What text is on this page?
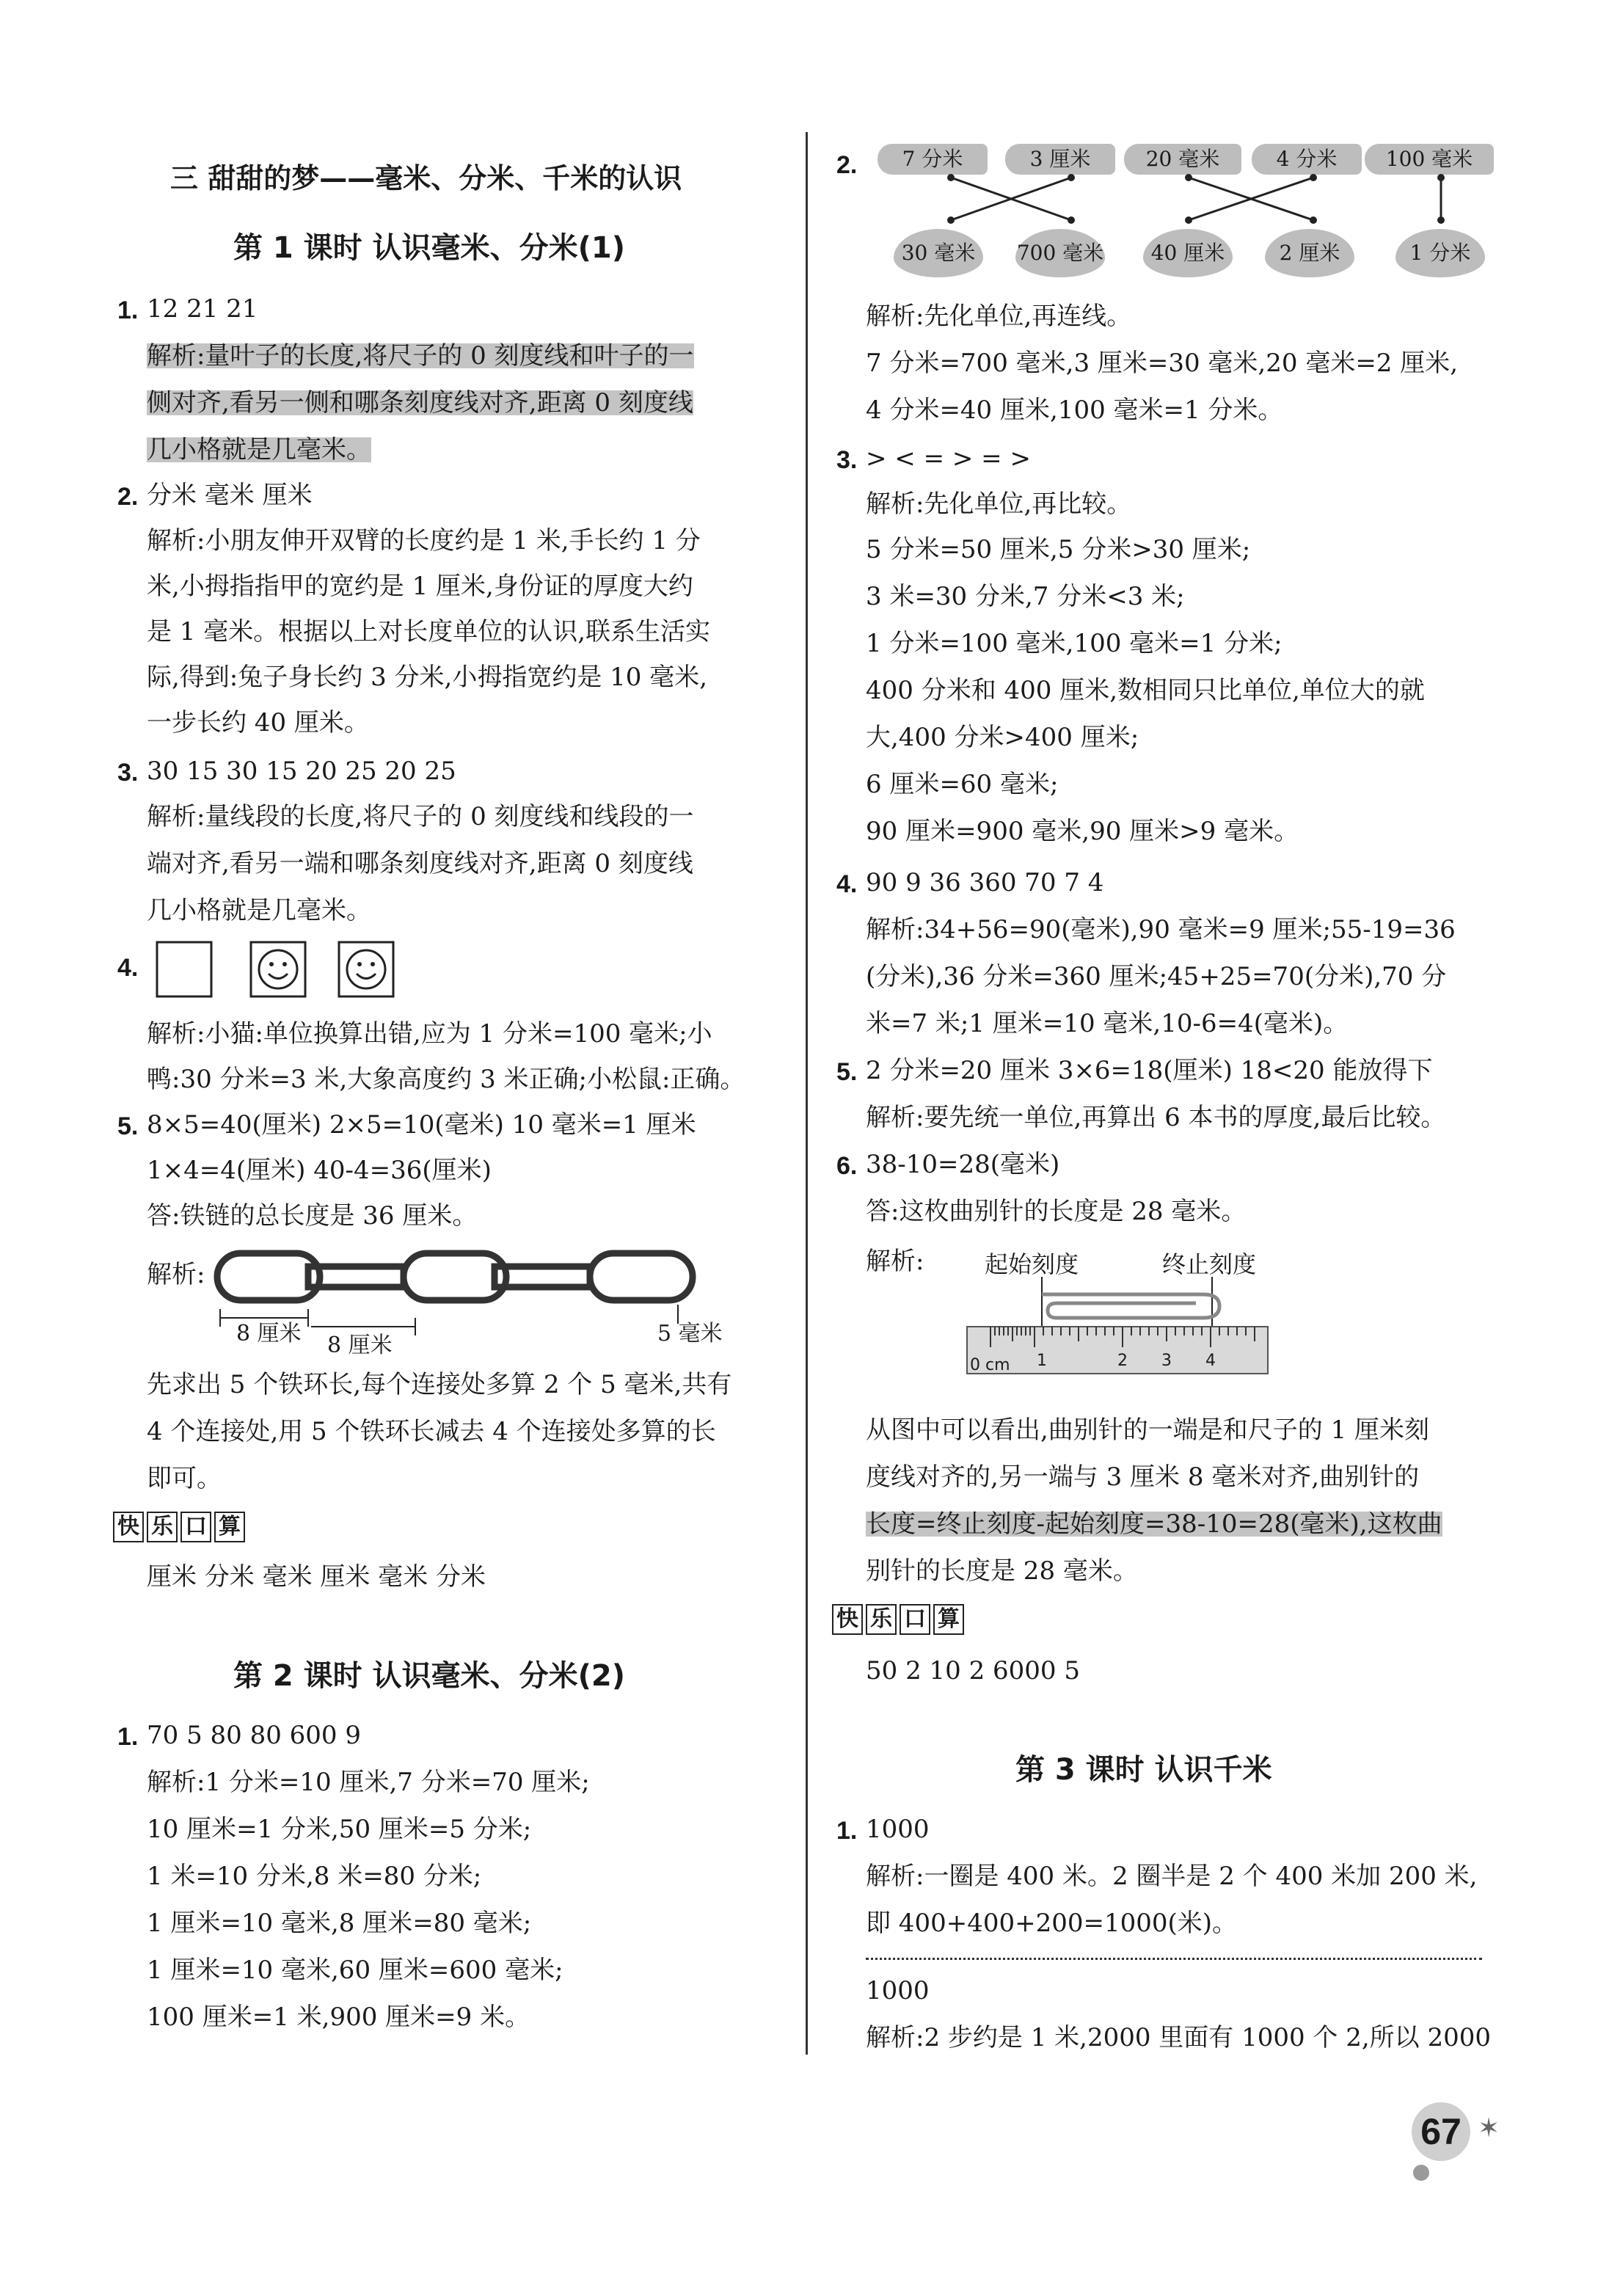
三 甜甜的梦——毫米、分米、千米的认识
第 1 课时 认识毫米、分米(1)
1. 12 21 21
解析:量叶子的长度,将尺子的 0 刻度线和叶子的一
侧对齐,看另一侧和哪条刻度线对齐,距离 0 刻度线
几小格就是几毫米。
2. 分米 毫米 厘米
解析:小朋友伸开双臂的长度约是 1 米,手长约 1 分
米,小拇指指甲的宽约是 1 厘米,身份证的厚度大约
是 1 毫米。根据以上对长度单位的认识,联系生活实
际,得到:兔子身长约 3 分米,小拇指宽约是 10 毫米,
一步长约 40 厘米。
3. 30 15 30 15 20 25 20 25
解析:量线段的长度,将尺子的 0 刻度线和线段的一
端对齐,看另一端和哪条刻度线对齐,距离 0 刻度线
几小格就是几毫米。
4.
解析:小猫:单位换算出错,应为 1 分米=100 毫米;小
鸭:30 分米=3 米,大象高度约 3 米正确;小松鼠:正确。
5. 8×5=40(厘米) 2×5=10(毫米) 10 毫米=1 厘米
1×4=4(厘米) 40-4=36(厘米)
答:铁链的总长度是 36 厘米。
解析:
8 厘米 8 厘米	5 毫米
先求出 5 个铁环长,每个连接处多算 2 个 5 毫米,共有
4 个连接处,用 5 个铁环长减去 4 个连接处多算的长
即可。
快 乐 口 算
厘米 分米 毫米 厘米 毫米 分米
第 2 课时 认识毫米、分米(2)
1. 70 5 80 80 600 9
解析:1 分米=10 厘米,7 分米=70 厘米;
10 厘米=1 分米,50 厘米=5 分米;
1 米=10 分米,8 米=80 分米;
1 厘米=10 毫米,8 厘米=80 毫米;
1 厘米=10 毫米,60 厘米=600 毫米;
100 厘米=1 米,900 厘米=9 米。
2.	7 分米	3 厘米	20 毫米	4 分米	100 毫米
30 毫米	700 毫米	40 厘米	2 厘米	1 分米
解析:先化单位,再连线。
7 分米=700 毫米,3 厘米=30 毫米,20 毫米=2 厘米,
4 分米=40 厘米,100 毫米=1 分米。
3. > < = > = >
解析:先化单位,再比较。
5 分米=50 厘米,5 分米>30 厘米;
3 米=30 分米,7 分米<3 米;
1 分米=100 毫米,100 毫米=1 分米;
400 分米和 400 厘米,数相同只比单位,单位大的就
大,400 分米>400 厘米;
6 厘米=60 毫米;
90 厘米=900 毫米,90 厘米>9 毫米。
4. 90 9 36 360 70 7 4
解析:34+56=90(毫米),90 毫米=9 厘米;55-19=36
(分米),36 分米=360 厘米;45+25=70(分米),70 分
米=7 米;1 厘米=10 毫米,10-6=4(毫米)。
5. 2 分米=20 厘米 3×6=18(厘米) 18<20 能放得下
解析:要先统一单位,再算出 6 本书的厚度,最后比较。
6. 38-10=28(毫米)
答:这枚曲别针的长度是 28 毫米。
解析:	起始刻度	终止刻度
0 cm 1	2 3 4
从图中可以看出,曲别针的一端是和尺子的 1 厘米刻
度线对齐的,另一端与 3 厘米 8 毫米对齐,曲别针的
长度=终止刻度-起始刻度=38-10=28(毫米),这枚曲
别针的长度是 28 毫米。
快 乐 口 算
50 2 10 2 6000 5
第 3 课时 认识千米
1. 1000
解析:一圈是 400 米。2 圈半是 2 个 400 米加 200 米,
即 400+400+200=1000(米)。
1000
解析:2 步约是 1 米,2000 里面有 1000 个 2,所以 2000
67 ✶
